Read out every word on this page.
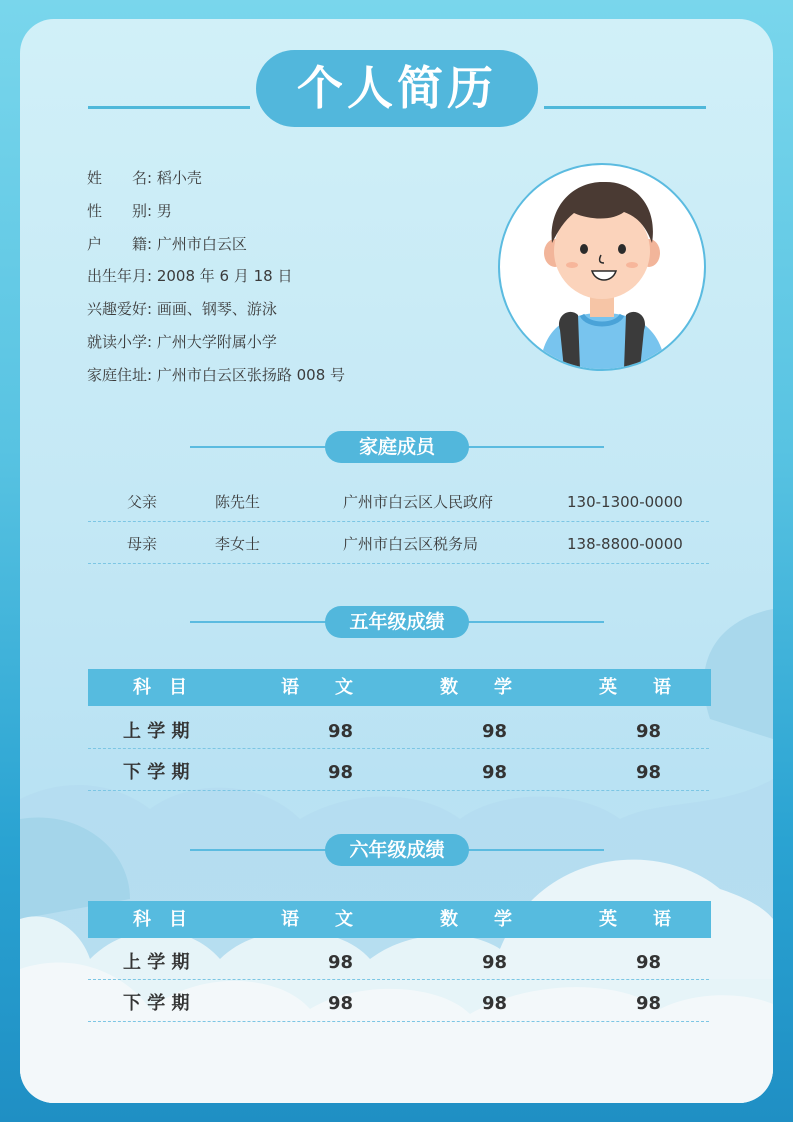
个人简历
姓　　名: 稻小壳
性　　别: 男
户　　籍: 广州市白云区
出生年月: 2008 年 6 月 18 日
兴趣爱好: 画画、钢琴、游泳
就读小学: 广州大学附属小学
家庭住址: 广州市白云区张扬路 008 号
家庭成员
父亲	陈先生	广州市白云区人民政府	130-1300-0000
母亲	李女士	广州市白云区税务局	138-8800-0000
五年级成绩
科　目	语　　文	数　　学	英　　语
上 学 期	98	98	98
下 学 期	98	98	98
六年级成绩
科　目	语　　文	数　　学	英　　语
上 学 期	98	98	98
下 学 期	98	98	98
